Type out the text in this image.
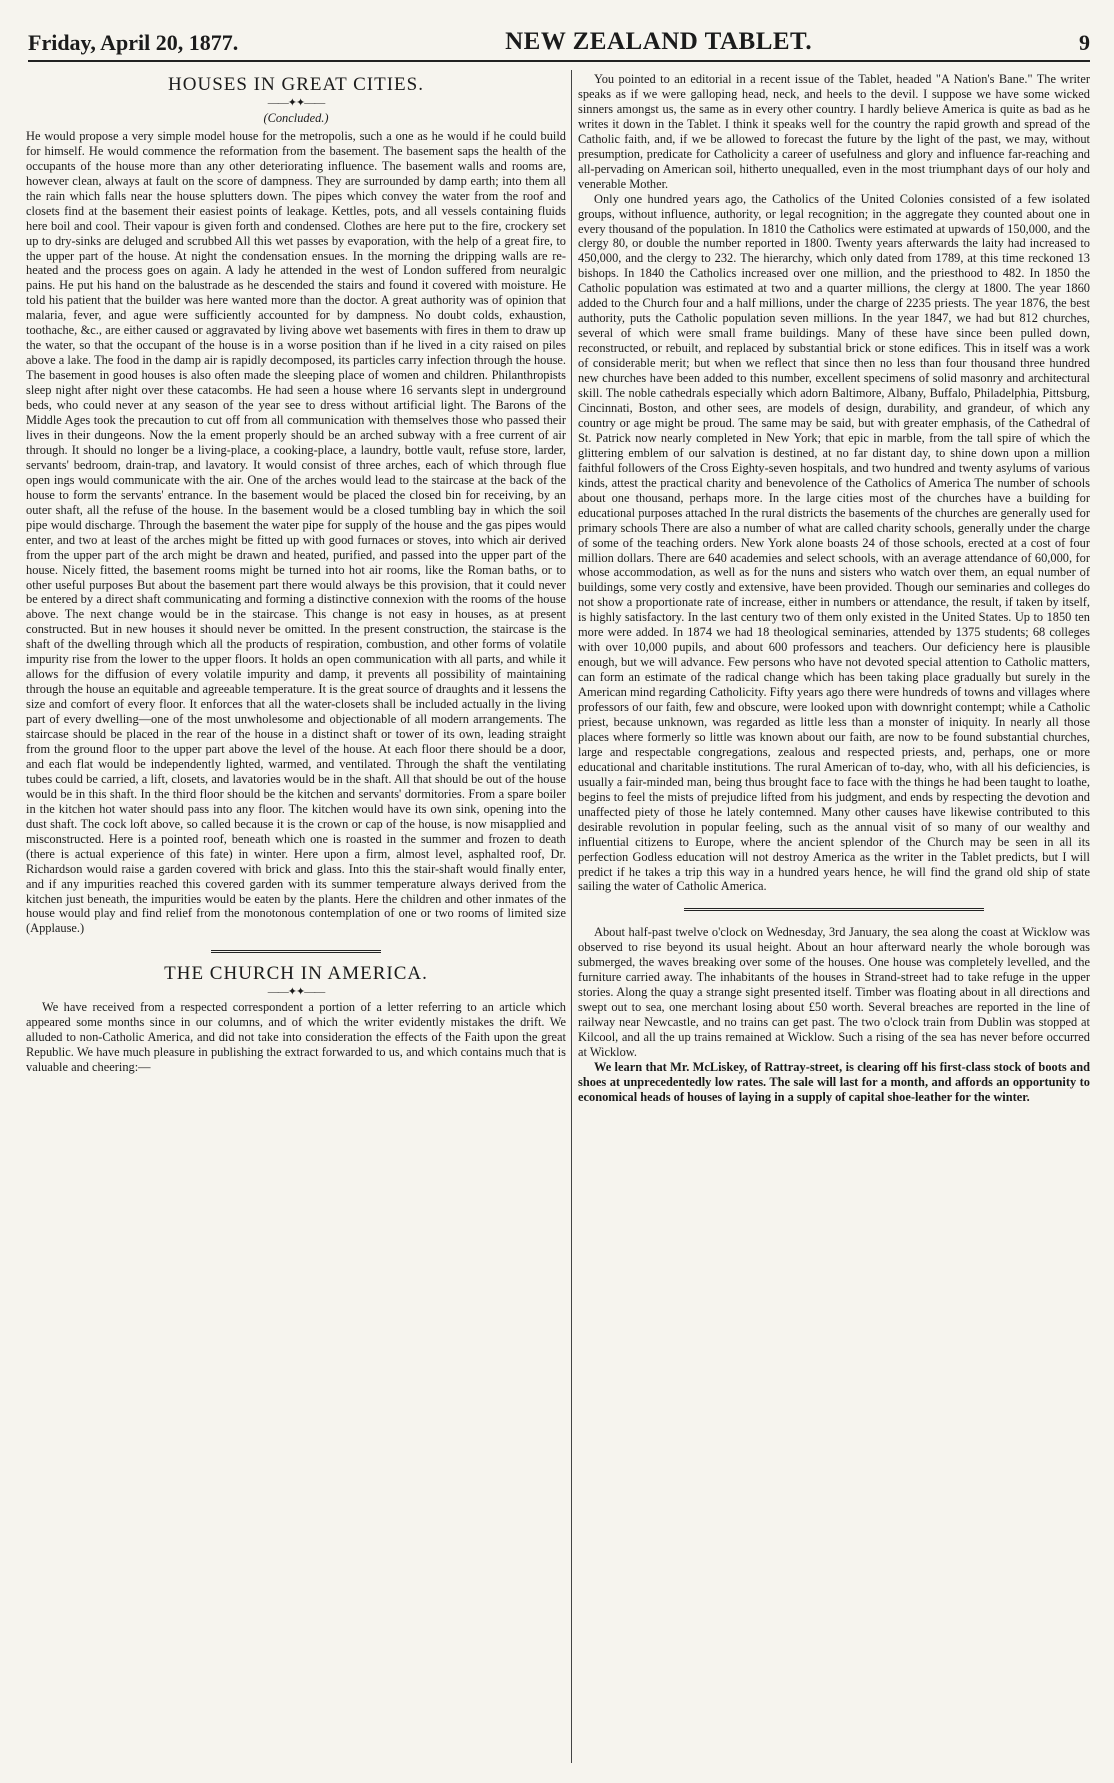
Friday, April 20, 1877.	NEW ZEALAND TABLET.	9
HOUSES IN GREAT CITIES.
——✦✦——
(Concluded.)

He would propose a very simple model house for the metropolis, such a one as he would if he could build for himself. He would commence the reformation from the basement. The basement saps the health of the occupants of the house more than any other deteriorating influence. The basement walls and rooms are, however clean, always at fault on the score of dampness. They are surrounded by damp earth; into them all the rain which falls near the house splutters down. The pipes which convey the water from the roof and closets find at the basement their easiest points of leakage. Kettles, pots, and all vessels containing fluids here boil and cool. Their vapour is given forth and condensed. Clothes are here put to the fire, crockery set up to dry-sinks are deluged and scrubbed All this wet passes by evaporation, with the help of a great fire, to the upper part of the house. At night the condensation ensues. In the morning the dripping walls are re-heated and the process goes on again. A lady he attended in the west of London suffered from neuralgic pains. He put his hand on the balustrade as he descended the stairs and found it covered with moisture. He told his patient that the builder was here wanted more than the doctor. A great authority was of opinion that malaria, fever, and ague were sufficiently accounted for by dampness. No doubt colds, exhaustion, toothache, &c., are either caused or aggravated by living above wet basements with fires in them to draw up the water, so that the occupant of the house is in a worse position than if he lived in a city raised on piles above a lake. The food in the damp air is rapidly decomposed, its particles carry infection through the house. The basement in good houses is also often made the sleeping place of women and children. Philanthropists sleep night after night over these catacombs. He had seen a house where 16 servants slept in underground beds, who could never at any season of the year see to dress without artificial light. The Barons of the Middle Ages took the precaution to cut off from all communication with themselves those who passed their lives in their dungeons. Now the la ement properly should be an arched subway with a free current of air through. It should no longer be a living-place, a cooking-place, a laundry, bottle vault, refuse store, larder, servants' bedroom, drain-trap, and lavatory. It would consist of three arches, each of which through flue open ings would communicate with the air. One of the arches would lead to the staircase at the back of the house to form the servants' entrance. In the basement would be placed the closed bin for receiving, by an outer shaft, all the refuse of the house. In the basement would be a closed tumbling bay in which the soil pipe would discharge. Through the basement the water pipe for supply of the house and the gas pipes would enter, and two at least of the arches might be fitted up with good furnaces or stoves, into which air derived from the upper part of the arch might be drawn and heated, purified, and passed into the upper part of the house. Nicely fitted, the basement rooms might be turned into hot air rooms, like the Roman baths, or to other useful purposes But about the basement part there would always be this provision, that it could never be entered by a direct shaft communicating and forming a distinctive connexion with the rooms of the house above. The next change would be in the staircase. This change is not easy in houses, as at present constructed. But in new houses it should never be omitted. In the present construction, the staircase is the shaft of the dwelling through which all the products of respiration, combustion, and other forms of volatile impurity rise from the lower to the upper floors. It holds an open communication with all parts, and while it allows for the diffusion of every volatile impurity and damp, it prevents all possibility of maintaining through the house an equitable and agreeable temperature. It is the great source of draughts and it lessens the size and comfort of every floor. It enforces that all the water-closets shall be included actually in the living part of every dwelling—one of the most unwholesome and objectionable of all modern arrangements. The staircase should be placed in the rear of the house in a distinct shaft or tower of its own, leading straight from the ground floor to the upper part above the level of the house. At each floor there should be a door, and each flat would be independently lighted, warmed, and ventilated. Through the shaft the ventilating tubes could be carried, a lift, closets, and lavatories would be in the shaft. All that should be out of the house would be in this shaft. In the third floor should be the kitchen and servants' dormitories. From a spare boiler in the kitchen hot water should pass into any floor. The kitchen would have its own sink, opening into the dust shaft. The cock loft above, so called because it is the crown or cap of the house, is now misapplied and misconstructed. Here is a pointed roof, beneath which one is roasted in the summer and frozen to death (there is actual experience of this fate) in winter. Here upon a firm, almost level, asphalted roof, Dr. Richardson would raise a garden covered with brick and glass. Into this the stair-shaft would finally enter, and if any impurities reached this covered garden with its summer temperature always derived from the kitchen just beneath, the impurities would be eaten by the plants. Here the children and other inmates of the house would play and find relief from the monotonous contemplation of one or two rooms of limited size (Applause.)

THE CHURCH IN AMERICA.
——✦✦——

We have received from a respected correspondent a portion of a letter referring to an article which appeared some months since in our columns, and of which the writer evidently mistakes the drift. We alluded to non-Catholic America, and did not take into consideration the effects of the Faith upon the great Republic. We have much pleasure in publishing the extract forwarded to us, and which contains much that is valuable and cheering:—

You pointed to an editorial in a recent issue of the Tablet, headed "A Nation's Bane." The writer speaks as if we were galloping head, neck, and heels to the devil. I suppose we have some wicked sinners amongst us, the same as in every other country. I hardly believe America is quite as bad as he writes it down in the Tablet. I think it speaks well for the country the rapid growth and spread of the Catholic faith, and, if we be allowed to forecast the future by the light of the past, we may, without presumption, predicate for Catholicity a career of usefulness and glory and influence far-reaching and all-pervading on American soil, hitherto unequalled, even in the most triumphant days of our holy and venerable Mother.

Only one hundred years ago, the Catholics of the United Colonies consisted of a few isolated groups, without influence, authority, or legal recognition; in the aggregate they counted about one in every thousand of the population. In 1810 the Catholics were estimated at upwards of 150,000, and the clergy 80, or double the number reported in 1800. Twenty years afterwards the laity had increased to 450,000, and the clergy to 232. The hierarchy, which only dated from 1789, at this time reckoned 13 bishops. In 1840 the Catholics increased over one million, and the priesthood to 482. In 1850 the Catholic population was estimated at two and a quarter millions, the clergy at 1800. The year 1860 added to the Church four and a half millions, under the charge of 2235 priests. The year 1876, the best authority, puts the Catholic population seven millions. In the year 1847, we had but 812 churches, several of which were small frame buildings. Many of these have since been pulled down, reconstructed, or rebuilt, and replaced by substantial brick or stone edifices. This in itself was a work of considerable merit; but when we reflect that since then no less than four thousand three hundred new churches have been added to this number, excellent specimens of solid masonry and architectural skill. The noble cathedrals especially which adorn Baltimore, Albany, Buffalo, Philadelphia, Pittsburg, Cincinnati, Boston, and other sees, are models of design, durability, and grandeur, of which any country or age might be proud. The same may be said, but with greater emphasis, of the Cathedral of St. Patrick now nearly completed in New York; that epic in marble, from the tall spire of which the glittering emblem of our salvation is destined, at no far distant day, to shine down upon a million faithful followers of the Cross Eighty-seven hospitals, and two hundred and twenty asylums of various kinds, attest the practical charity and benevolence of the Catholics of America The number of schools about one thousand, perhaps more. In the large cities most of the churches have a building for educational purposes attached In the rural districts the basements of the churches are generally used for primary schools There are also a number of what are called charity schools, generally under the charge of some of the teaching orders. New York alone boasts 24 of those schools, erected at a cost of four million dollars. There are 640 academies and select schools, with an average attendance of 60,000, for whose accommodation, as well as for the nuns and sisters who watch over them, an equal number of buildings, some very costly and extensive, have been provided. Though our seminaries and colleges do not show a proportionate rate of increase, either in numbers or attendance, the result, if taken by itself, is highly satisfactory. In the last century two of them only existed in the United States. Up to 1850 ten more were added. In 1874 we had 18 theological seminaries, attended by 1375 students; 68 colleges with over 10,000 pupils, and about 600 professors and teachers. Our deficiency here is plausible enough, but we will advance. Few persons who have not devoted special attention to Catholic matters, can form an estimate of the radical change which has been taking place gradually but surely in the American mind regarding Catholicity. Fifty years ago there were hundreds of towns and villages where professors of our faith, few and obscure, were looked upon with downright contempt; while a Catholic priest, because unknown, was regarded as little less than a monster of iniquity. In nearly all those places where formerly so little was known about our faith, are now to be found substantial churches, large and respectable congregations, zealous and respected priests, and, perhaps, one or more educational and charitable institutions. The rural American of to-day, who, with all his deficiencies, is usually a fair-minded man, being thus brought face to face with the things he had been taught to loathe, begins to feel the mists of prejudice lifted from his judgment, and ends by respecting the devotion and unaffected piety of those he lately contemned. Many other causes have likewise contributed to this desirable revolution in popular feeling, such as the annual visit of so many of our wealthy and influential citizens to Europe, where the ancient splendor of the Church may be seen in all its perfection Godless education will not destroy America as the writer in the Tablet predicts, but I will predict if he takes a trip this way in a hundred years hence, he will find the grand old ship of state sailing the water of Catholic America.

About half-past twelve o'clock on Wednesday, 3rd January, the sea along the coast at Wicklow was observed to rise beyond its usual height. About an hour afterward nearly the whole borough was submerged, the waves breaking over some of the houses. One house was completely levelled, and the furniture carried away. The inhabitants of the houses in Strand-street had to take refuge in the upper stories. Along the quay a strange sight presented itself. Timber was floating about in all directions and swept out to sea, one merchant losing about £50 worth. Several breaches are reported in the line of railway near Newcastle, and no trains can get past. The two o'clock train from Dublin was stopped at Kilcool, and all the up trains remained at Wicklow. Such a rising of the sea has never before occurred at Wicklow.

We learn that Mr. McLiskey, of Rattray-street, is clearing off his first-class stock of boots and shoes at unprecedentedly low rates. The sale will last for a month, and affords an opportunity to economical heads of houses of laying in a supply of capital shoe-leather for the winter.
